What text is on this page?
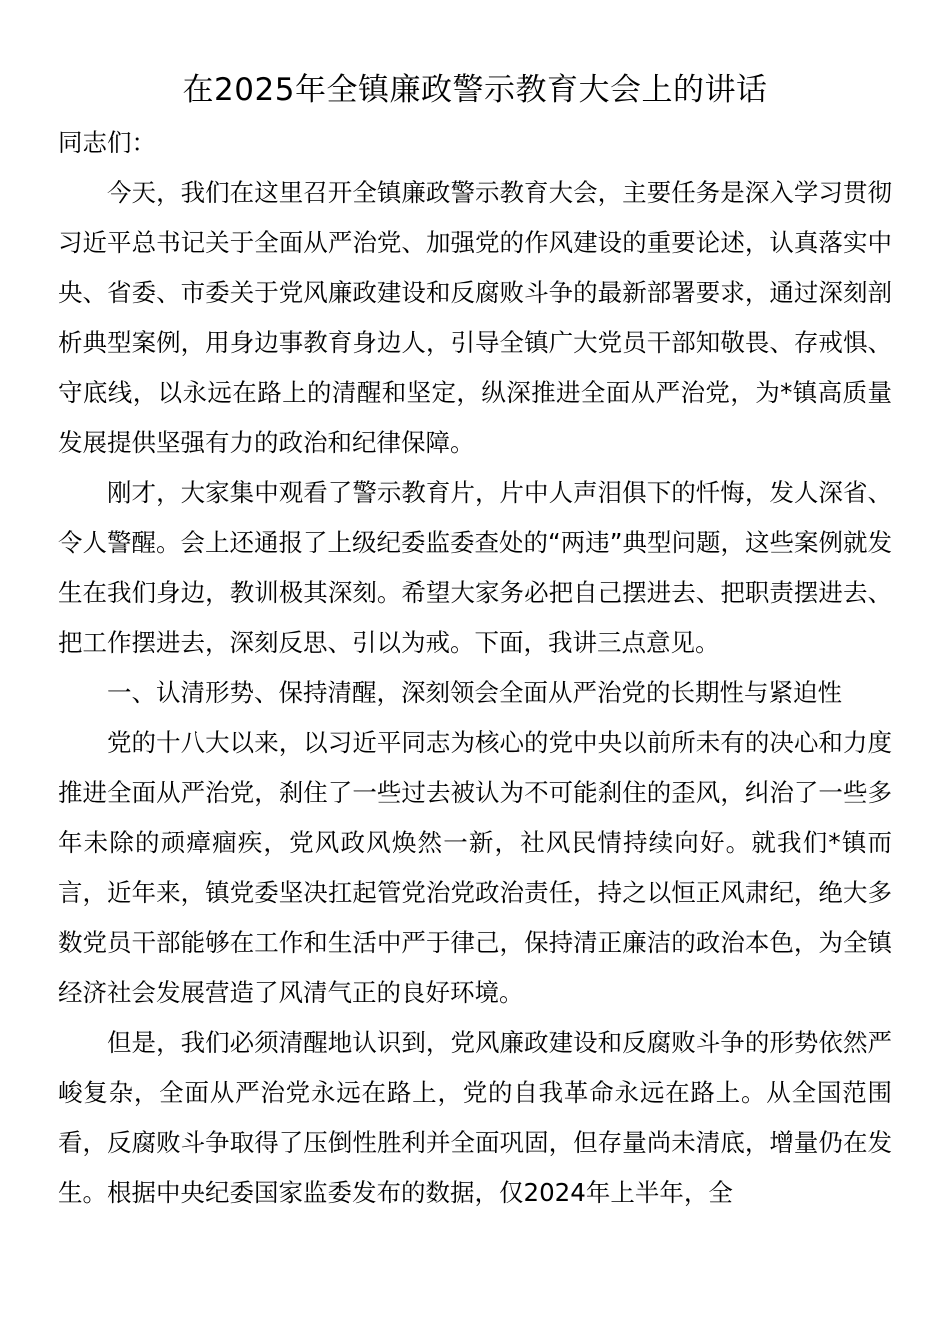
在2025年全镇廉政警示教育大会上的讲话

同志们：

今天，我们在这里召开全镇廉政警示教育大会，主要任务是深入学习贯彻习近平总书记关于全面从严治党、加强党的作风建设的重要论述，认真落实中央、省委、市委关于党风廉政建设和反腐败斗争的最新部署要求，通过深刻剖析典型案例，用身边事教育身边人，引导全镇广大党员干部知敬畏、存戒惧、守底线，以永远在路上的清醒和坚定，纵深推进全面从严治党，为*镇高质量发展提供坚强有力的政治和纪律保障。

刚才，大家集中观看了警示教育片，片中人声泪俱下的忏悔，发人深省、令人警醒。会上还通报了上级纪委监委查处的“两违”典型问题，这些案例就发生在我们身边，教训极其深刻。希望大家务必把自己摆进去、把职责摆进去、把工作摆进去，深刻反思、引以为戒。下面，我讲三点意见。

一、认清形势、保持清醒，深刻领会全面从严治党的长期性与紧迫性

党的十八大以来，以习近平同志为核心的党中央以前所未有的决心和力度推进全面从严治党，刹住了一些过去被认为不可能刹住的歪风，纠治了一些多年未除的顽瘴痼疾，党风政风焕然一新，社风民情持续向好。就我们*镇而言，近年来，镇党委坚决扛起管党治党政治责任，持之以恒正风肃纪，绝大多数党员干部能够在工作和生活中严于律己，保持清正廉洁的政治本色，为全镇经济社会发展营造了风清气正的良好环境。

但是，我们必须清醒地认识到，党风廉政建设和反腐败斗争的形势依然严峻复杂，全面从严治党永远在路上，党的自我革命永远在路上。从全国范围看，反腐败斗争取得了压倒性胜利并全面巩固，但存量尚未清底，增量仍在发生。根据中央纪委国家监委发布的数据，仅2024年上半年，全
